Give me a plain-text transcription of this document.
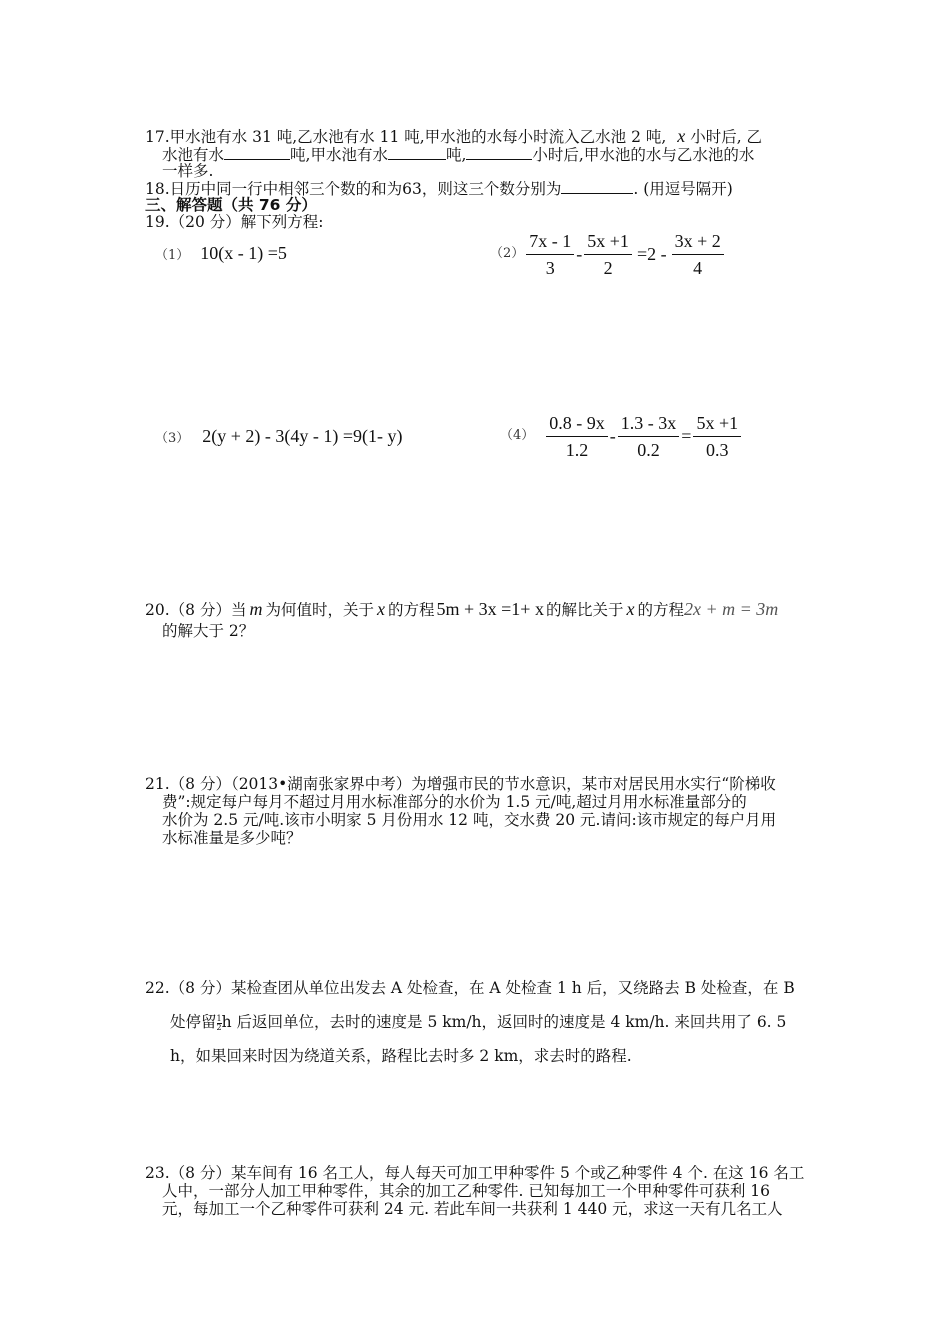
17.甲水池有水 31 吨,乙水池有水 11 吨,甲水池的水每小时流入乙水池 2 吨, x 小时后, 乙
水池有水	吨,甲水池有水	吨,	小时后,甲水池的水与乙水池的水
一样多.
18.日历中同一行中相邻三个数的和为63，则这三个数分别为	. (用逗号隔开)
三、解答题（共 76 分）
19.（20 分）解下列方程:
（1） 10(x - 1) =5	$(2) \frac{7x - 1}{3} - \frac{5x +1}{2} =2 - \frac{3x + 2}{4}$
（3） 2(y + 2) - 3(4y - 1) =9(1- y)	$(4) \frac{0.8 - 9x}{1.2} - \frac{1.3 - 3x}{0.2} = \frac{5x +1}{0.3}$
20.（8 分）当 m 为何值时，关于 x 的方程 5m + 3x =1+ x 的解比关于 x 的方程2x + m = 3m
的解大于 2？
21.（8 分）（2013•湖南张家界中考）为增强市民的节水意识，某市对居民用水实行“阶梯收
费”:规定每户每月不超过月用水标准部分的水价为 1.5 元/吨,超过月用水标准量部分的
水价为 2.5 元/吨.该市小明家 5 月份用水 12 吨，交水费 20 元.请问:该市规定的每户月用
水标准量是多少吨？
22.（8 分）某检查团从单位出发去 A 处检查，在 A 处检查 1 h 后，又绕路去 B 处检查，在 B
处停留 $\frac{1}{2}$ h 后返回单位，去时的速度是 5 km/h，返回时的速度是 4 km/h. 来回共用了 6. 5
h，如果回来时因为绕道关系，路程比去时多 2 km，求去时的路程.
23.（8 分）某车间有 16 名工人，每人每天可加工甲种零件 5 个或乙种零件 4 个. 在这 16 名工
人中，一部分人加工甲种零件，其余的加工乙种零件. 已知每加工一个甲种零件可获利 16
元，每加工一个乙种零件可获利 24 元. 若此车间一共获利 1 440 元，求这一天有几名工人
